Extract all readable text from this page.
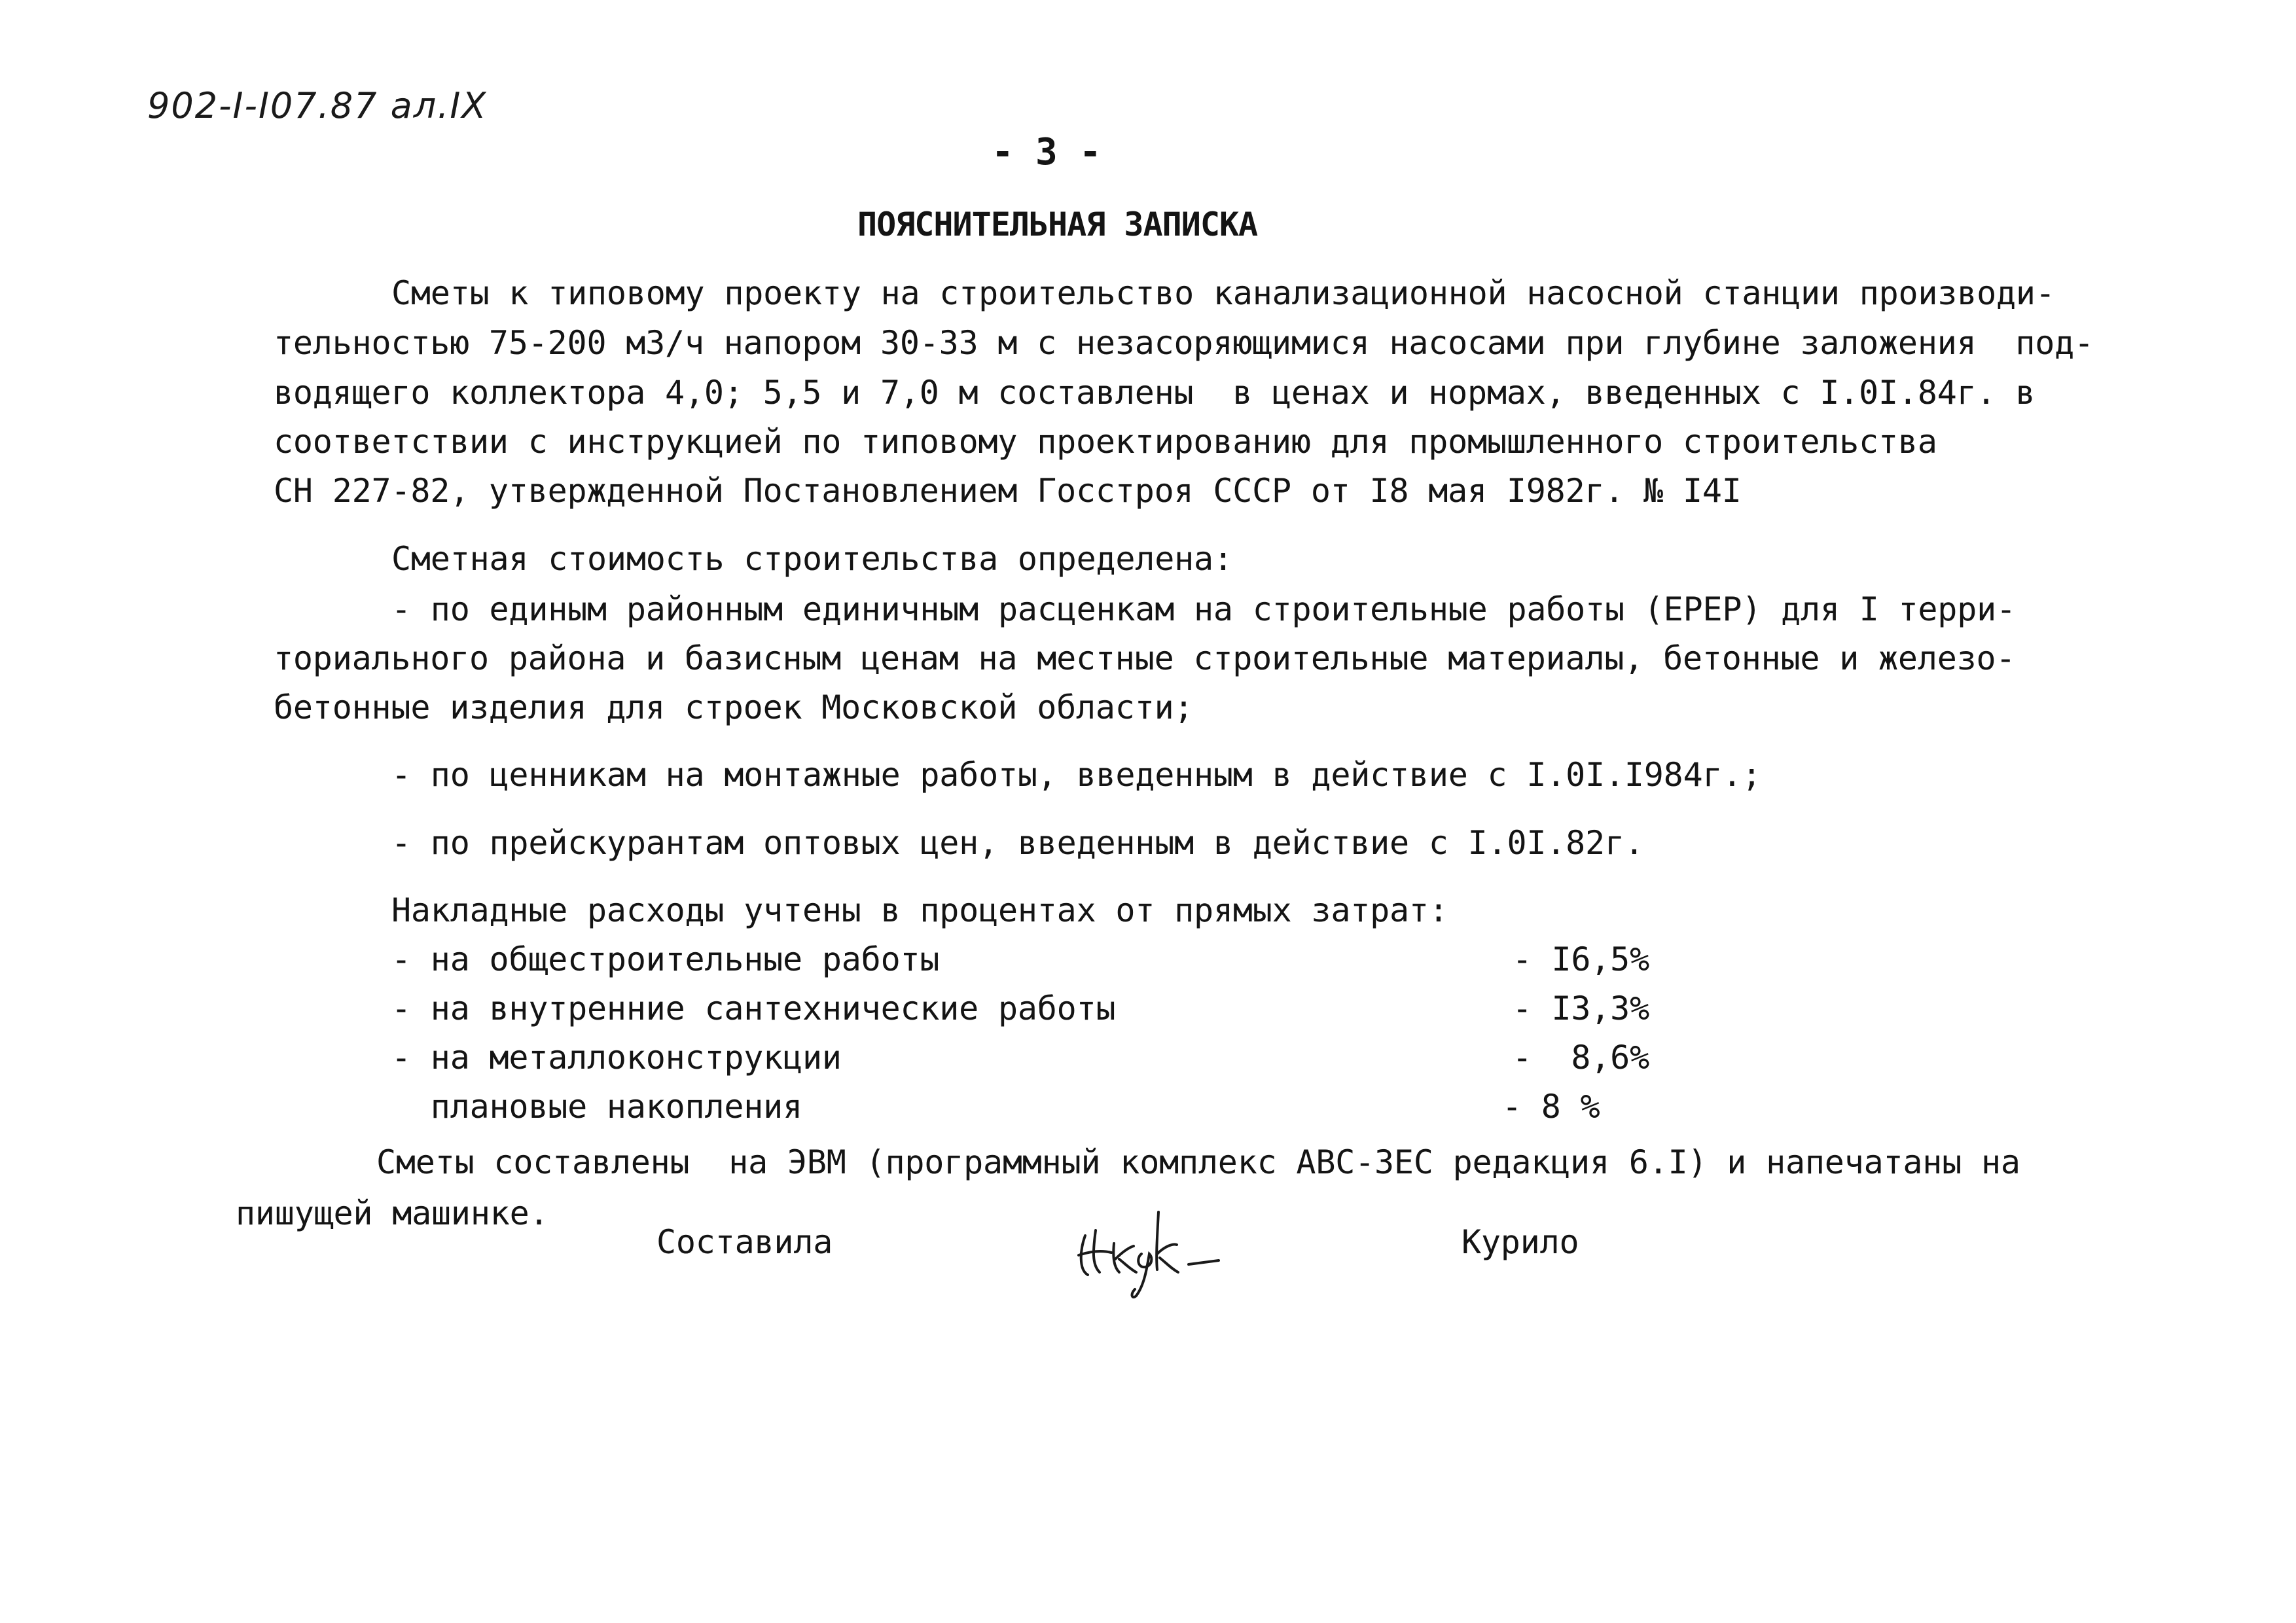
902-I-I07.87 ал.IX
- 3 -
ПОЯСНИТЕЛЬНАЯ ЗАПИСКА
Сметы к типовому проекту на строительство канализационной насосной станции производи-
тельностью 75-200 м3/ч напором 30-33 м с незасоряющимися насосами при глубине заложения  под-
водящего коллектора 4,0; 5,5 и 7,0 м составлены  в ценах и нормах, введенных с I.0I.84г. в
соответствии с инструкцией по типовому проектированию для промышленного строительства
СН 227-82, утвержденной Постановлением Госстроя СССР от I8 мая I982г. № I4I
Сметная стоимость строительства определена:
- по единым районным единичным расценкам на строительные работы (ЕРЕР) для I терри-
ториального района и базисным ценам на местные строительные материалы, бетонные и железо-
бетонные изделия для строек Московской области;
- по ценникам на монтажные работы, введенным в действие с I.0I.I984г.;
- по прейскурантам оптовых цен, введенным в действие с I.0I.82г.
Накладные расходы учтены в процентах от прямых затрат:
- на общестроительные работы	- I6,5%
- на внутренние сантехнические работы	- I3,3%
- на металлоконструкции	-  8,6%
плановые накопления	- 8 %
Сметы составлены  на ЭВМ (программный комплекс АВС-ЗЕС редакция 6.I) и напечатаны на
пишущей машинке.
Составила	Курило
